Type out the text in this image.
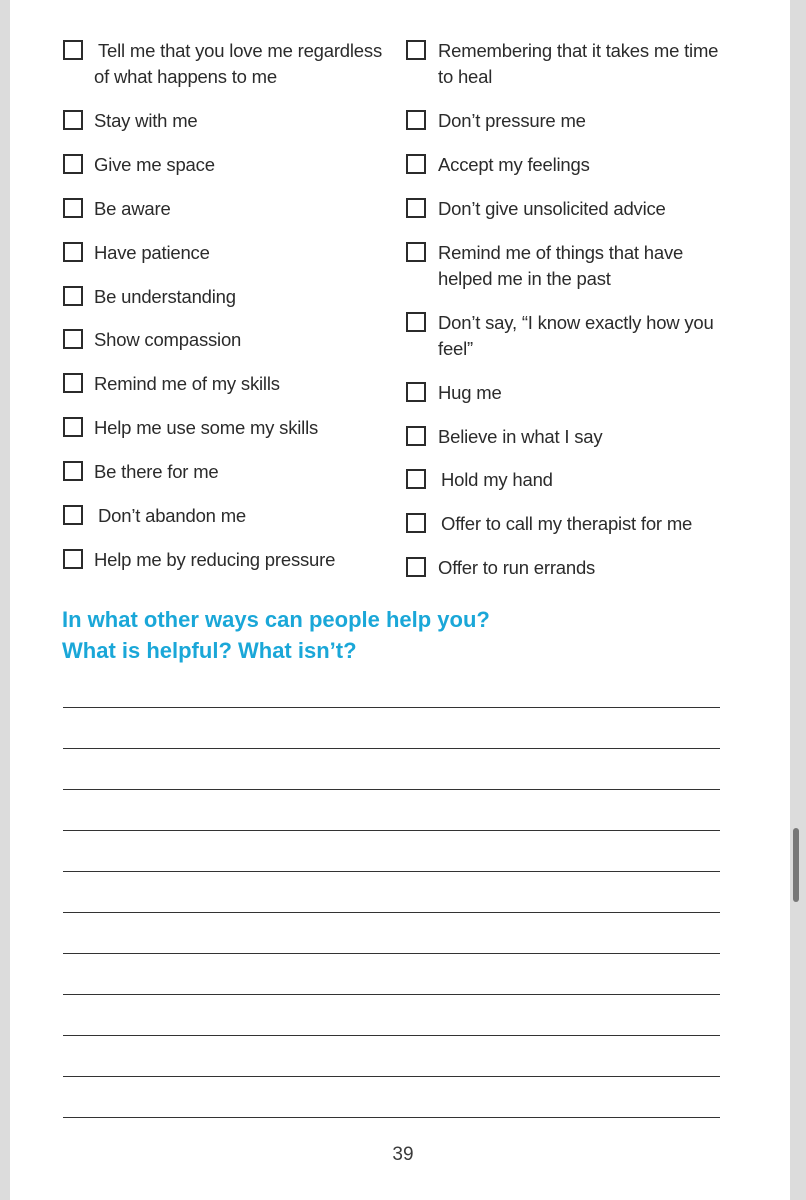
Tell me that you love me regardless of what happens to me
Stay with me
Give me space
Be aware
Have patience
Be understanding
Show compassion
Remind me of my skills
Help me use some my skills
Be there for me
Don’t abandon me
Help me by reducing pressure
Remembering that it takes me time to heal
Don’t pressure me
Accept my feelings
Don’t give unsolicited advice
Remind me of things that have helped me in the past
Don’t say, “I know exactly how you feel”
Hug me
Believe in what I say
Hold my hand
Offer to call my therapist for me
Offer to run errands
In what other ways can people help you?
What is helpful? What isn’t?
39
